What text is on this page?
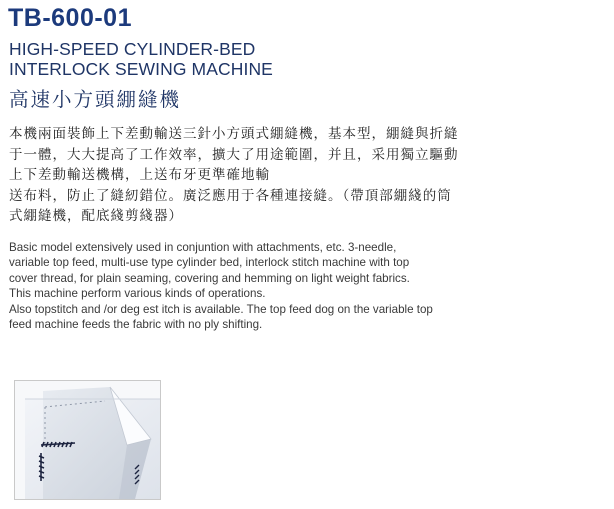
TB-600-01
HIGH-SPEED CYLINDER-BED
INTERLOCK SEWING MACHINE
高速小方頭綳縫機

本機兩面裝飾上下差動輸送三針小方頭式綳縫機，基本型，綳縫與折縫
于一體，大大提高了工作效率，擴大了用途範圍，并且，采用獨立驅動
上下差動輸送機構，上送布牙更準確地輸
送布料，防止了縫紉錯位。廣泛應用于各種連接縫。（帶頂部綳綫的筒
式綳縫機，配底綫剪綫器）

Basic model extensively used in conjuntion with attachments, etc. 3-needle,
variable top feed, multi-use type cylinder bed, interlock stitch machine with top
cover thread, for plain seaming, covering and hemming on light weight fabrics.
This machine perform various kinds of operations.
Also topstitch and /or deg est itch is available. The top feed dog on the variable top
feed machine feeds the fabric with no ply shifting.
